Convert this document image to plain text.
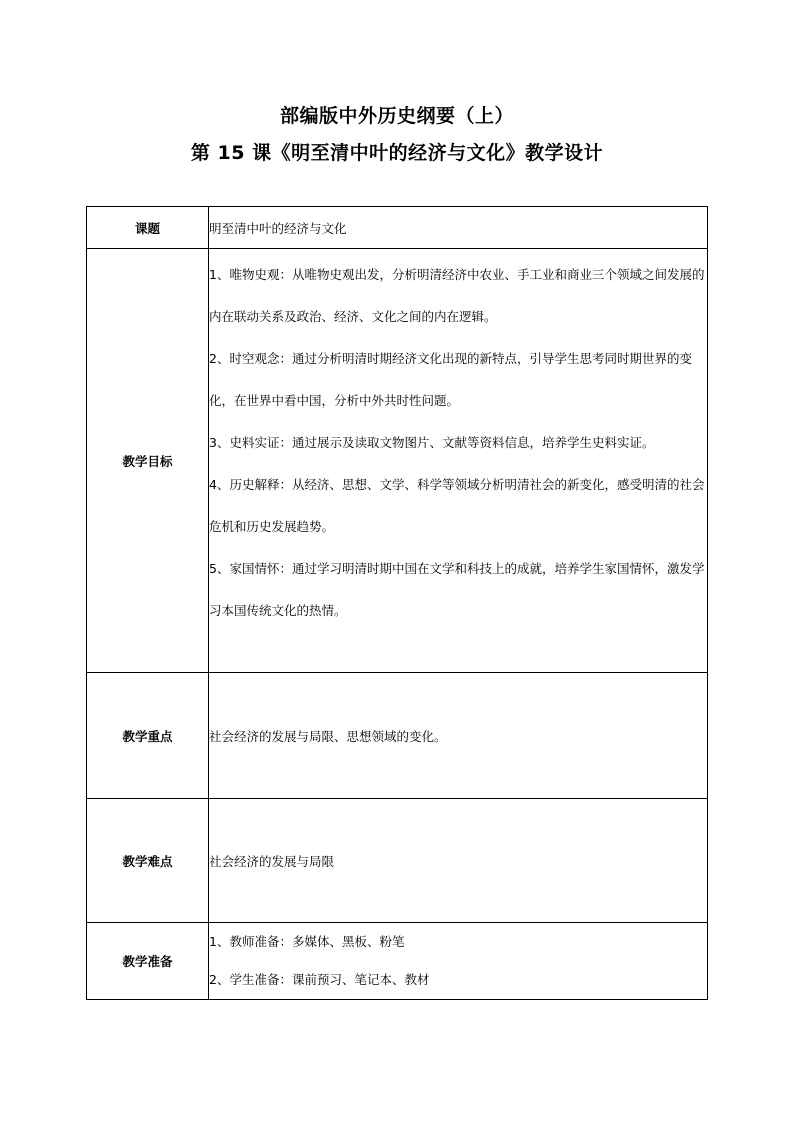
部编版中外历史纲要（上）
第 15 课《明至清中叶的经济与文化》教学设计
课题	明至清中叶的经济与文化
教学目标	1、唯物史观：从唯物史观出发，分析明清经济中农业、手工业和商业三个领域之间发展的内在联动关系及政治、经济、文化之间的内在逻辑。
2、时空观念：通过分析明清时期经济文化出现的新特点，引导学生思考同时期世界的变化，在世界中看中国，分析中外共时性问题。
3、史料实证：通过展示及读取文物图片、文献等资料信息，培养学生史料实证。
4、历史解释：从经济、思想、文学、科学等领域分析明清社会的新变化，感受明清的社会危机和历史发展趋势。
5、家国情怀：通过学习明清时期中国在文学和科技上的成就，培养学生家国情怀，激发学习本国传统文化的热情。

教学重点	社会经济的发展与局限、思想领域的变化。
教学难点	社会经济的发展与局限
教学准备	1、教师准备：多媒体、黑板、粉笔
2、学生准备：课前预习、笔记本、教材
